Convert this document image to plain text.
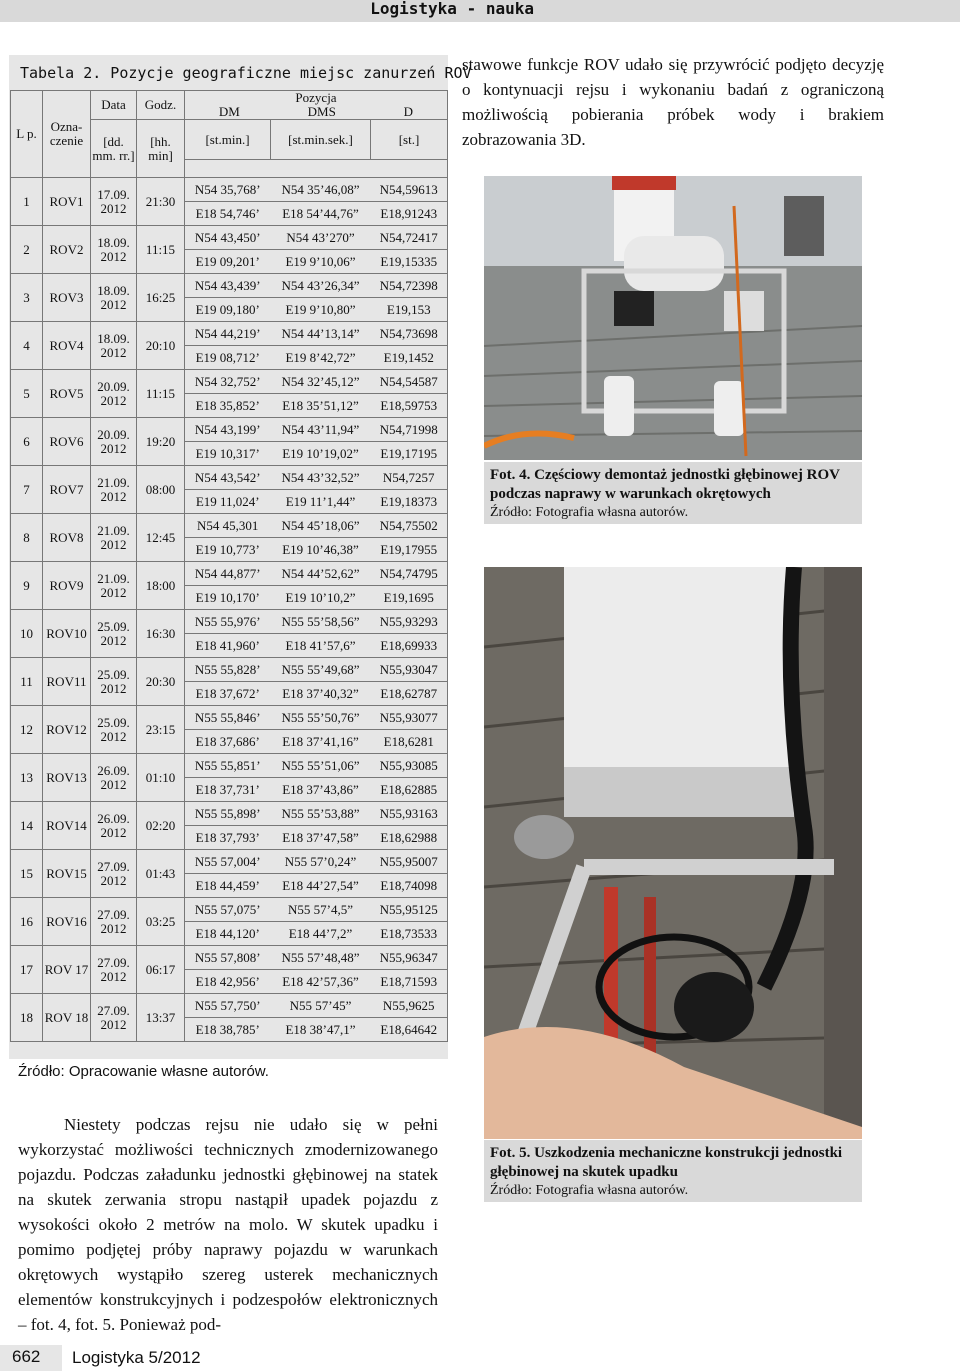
Logistyka - nauka
Tabela 2. Pozycje geograficzne miejsc zanurzeń ROV
L p.	Ozna- czenie	Data	Godz.	Pozycja
DM DMS D		

		[dd. mm. rr.]	[hh. min]	[st.min.]	[st.min.sek.]	[st.]

1	ROV1	17.09. 2012	21:30	N54 35,768’	N54 35’46,08”	N54,59613
				E18 54,746’	E18 54’44,76”	E18,91243
2	ROV2	18.09. 2012	11:15	N54 43,450’	N54 43’270”	N54,72417
				E19 09,201’	E19 9’10,06”	E19,15335
3	ROV3	18.09. 2012	16:25	N54 43,439’	N54 43’26,34”	N54,72398
				E19 09,180’	E19 9’10,80”	E19,153
4	ROV4	18.09. 2012	20:10	N54 44,219’	N54 44’13,14”	N54,73698
				E19 08,712’	E19 8’42,72”	E19,1452
5	ROV5	20.09. 2012	11:15	N54 32,752’	N54 32’45,12”	N54,54587
				E18 35,852’	E18 35’51,12”	E18,59753
6	ROV6	20.09. 2012	19:20	N54 43,199’	N54 43’11,94”	N54,71998
				E19 10,317’	E19 10’19,02”	E19,17195
7	ROV7	21.09. 2012	08:00	N54 43,542’	N54 43’32,52”	N54,7257
				E19 11,024’	E19 11’1,44”	E19,18373
8	ROV8	21.09. 2012	12:45	N54 45,301	N54 45’18,06”	N54,75502
				E19 10,773’	E19 10’46,38”	E19,17955
9	ROV9	21.09. 2012	18:00	N54 44,877’	N54 44’52,62”	N54,74795
				E19 10,170’	E19 10’10,2”	E19,1695
10	ROV10	25.09. 2012	16:30	N55 55,976’	N55 55’58,56”	N55,93293
				E18 41,960’	E18 41’57,6”	E18,69933
11	ROV11	25.09. 2012	20:30	N55 55,828’	N55 55’49,68”	N55,93047
				E18 37,672’	E18 37’40,32”	E18,62787
12	ROV12	25.09. 2012	23:15	N55 55,846’	N55 55’50,76”	N55,93077
				E18 37,686’	E18 37’41,16”	E18,6281
13	ROV13	26.09. 2012	01:10	N55 55,851’	N55 55’51,06”	N55,93085
				E18 37,731’	E18 37’43,86”	E18,62885
14	ROV14	26.09. 2012	02:20	N55 55,898’	N55 55’53,88”	N55,93163
				E18 37,793’	E18 37’47,58”	E18,62988
15	ROV15	27.09. 2012	01:43	N55 57,004’	N55 57’0,24”	N55,95007
				E18 44,459’	E18 44’27,54”	E18,74098
16	ROV16	27.09. 2012	03:25	N55 57,075’	N55 57’4,5”	N55,95125
				E18 44,120’	E18 44’7,2”	E18,73533
17	ROV 17	27.09. 2012	06:17	N55 57,808’	N55 57’48,48”	N55,96347
				E18 42,956’	E18 42’57,36”	E18,71593
18	ROV 18	27.09. 2012	13:37	N55 57,750’	N55 57’45”	N55,9625
				E18 38,785’	E18 38’47,1”	E18,64642
Źródło: Opracowanie własne autorów.
stawowe funkcje ROV udało się przywrócić podjęto decyzję o kontynuacji rejsu i wykonaniu badań z ograniczoną możliwością pobierania próbek wody i brakiem zobrazowania 3D.
Fot. 4. Częściowy demontaż jednostki głębinowej ROV podczas naprawy w warunkach okrętowych
Źródło: Fotografia własna autorów.
Fot. 5. Uszkodzenia mechaniczne konstrukcji jednostki głębinowej na skutek upadku
Źródło: Fotografia własna autorów.
Niestety podczas rejsu nie udało się w pełni wykorzystać możliwości technicznych zmodernizowanego pojazdu. Podczas załadunku jednostki głębinowej na statek na skutek zerwania stropu nastąpił upadek pojazdu z wysokości około 2 metrów na molo. W skutek upadku i pomimo podjętej próby naprawy pojazdu w warunkach okrętowych wystąpiło szereg usterek mechanicznych elementów konstrukcyjnych i podzespołów elektronicznych – fot. 4, fot. 5. Ponieważ pod-
662	Logistyka 5/2012
